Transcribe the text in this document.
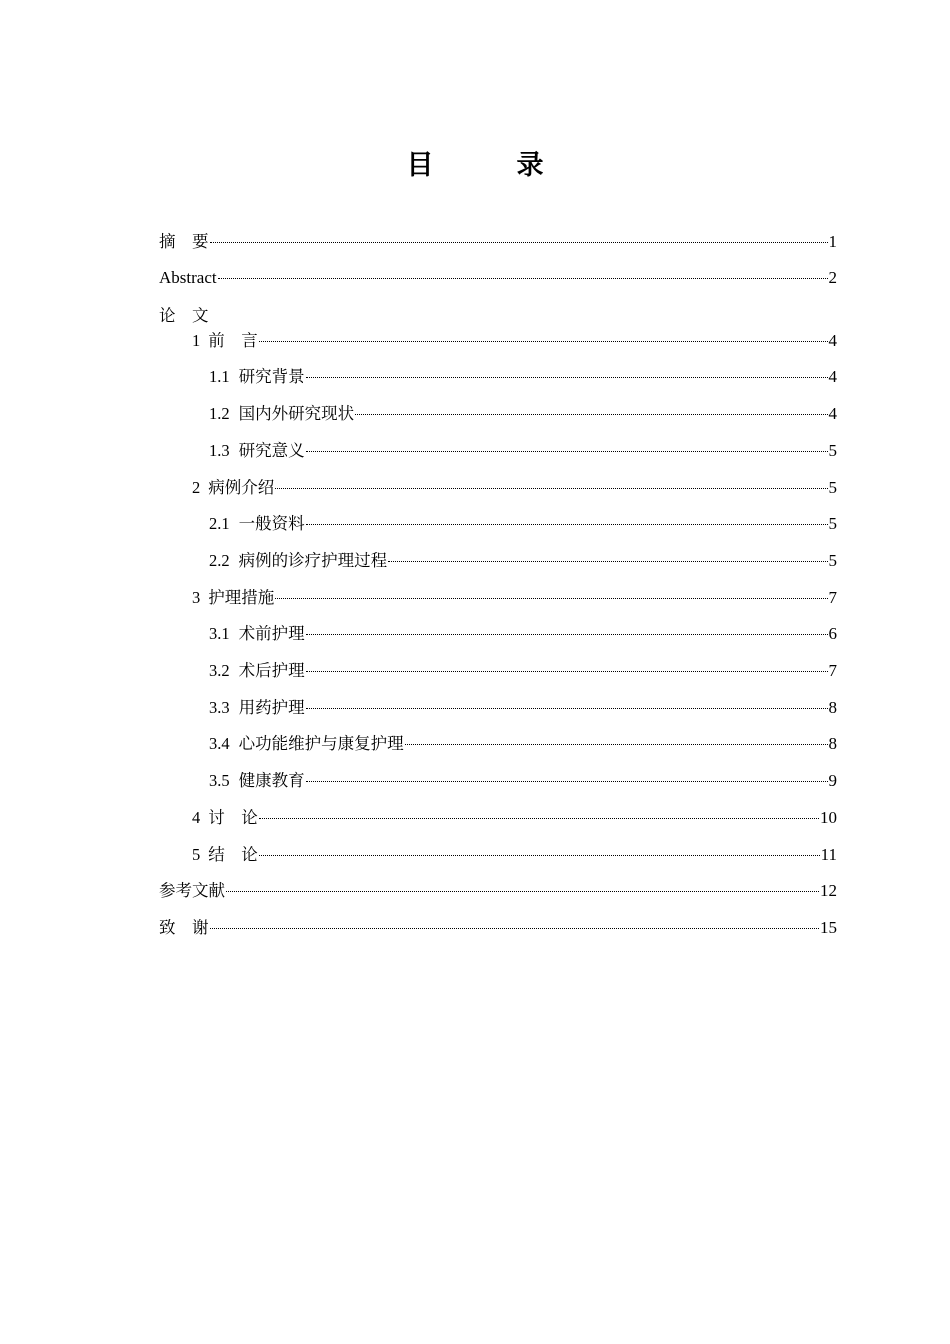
目　录
摘　要	1
Abstract	2
论　文
1 前　言	4
1.1 研究背景	4
1.2 国内外研究现状	4
1.3 研究意义	5
2 病例介绍	5
2.1 一般资料	5
2.2 病例的诊疗护理过程	5
3 护理措施	7
3.1 术前护理	6
3.2 术后护理	7
3.3 用药护理	8
3.4 心功能维护与康复护理	8
3.5 健康教育	9
4 讨　论	10
5 结　论	11
参考文献	12
致　谢	15
